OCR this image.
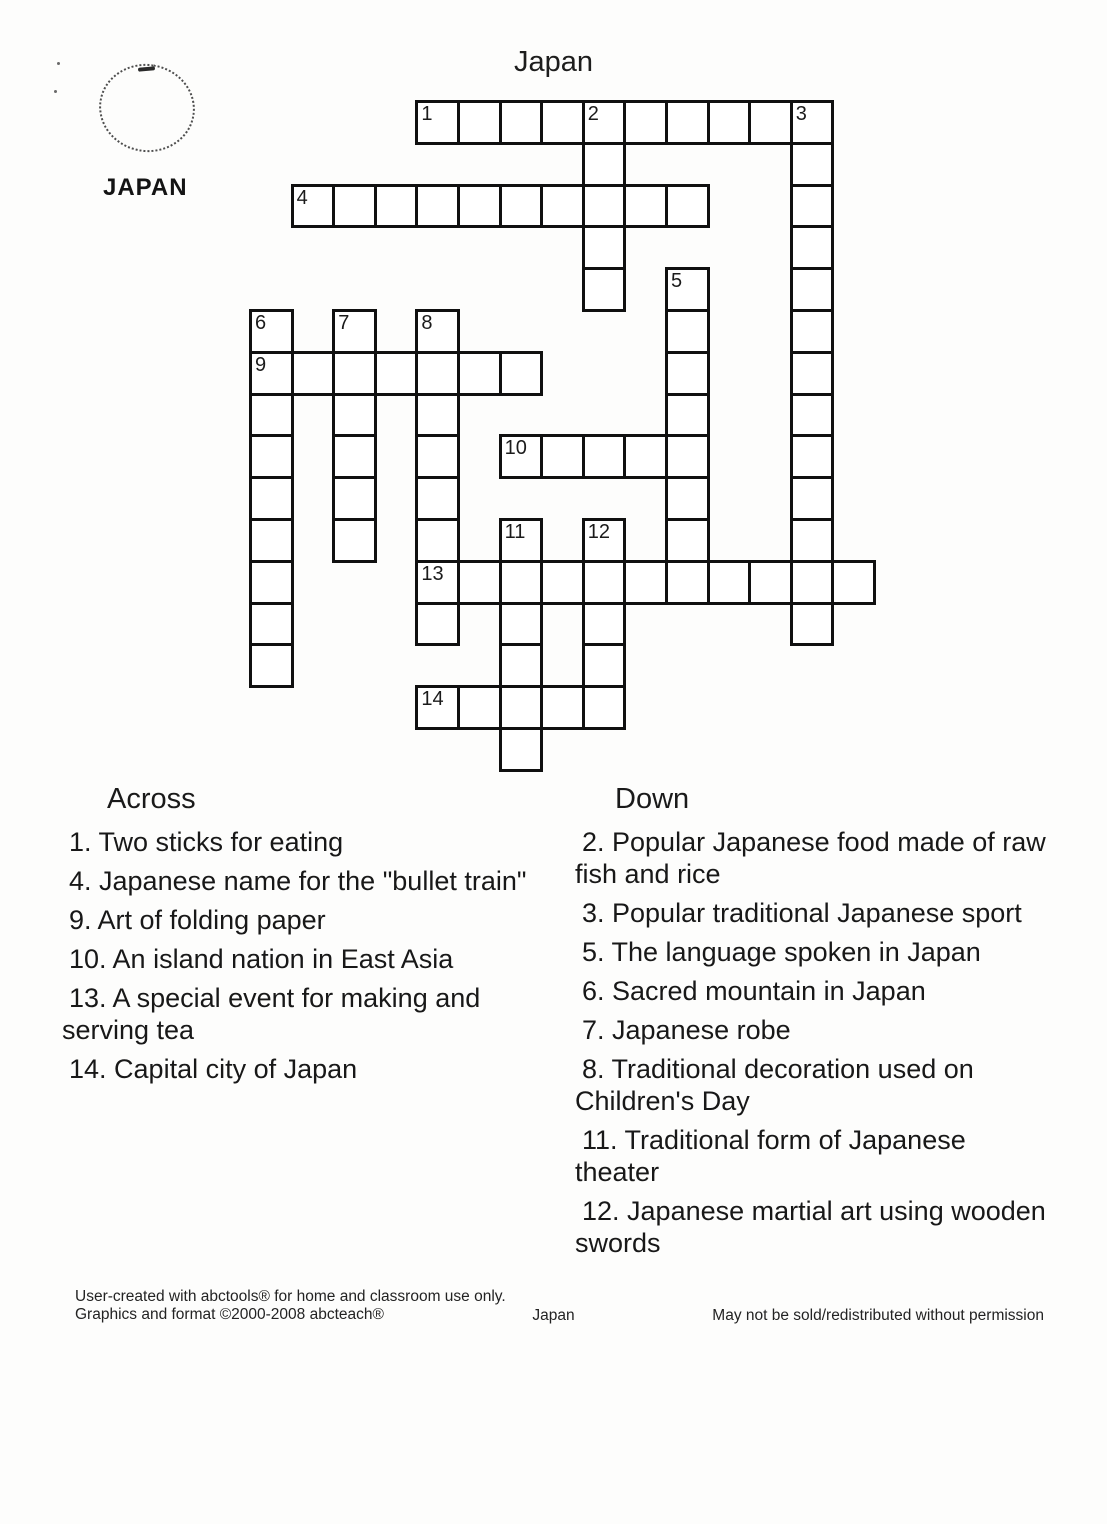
Japan
JAPAN
1	2	3
4
5
6
9
7	8
13
10
11	12
14
Across

1. Two sticks for eating

4. Japanese name for the "bullet train"

9. Art of folding paper

10. An island nation in East Asia

13. A special event for making and serving tea

14. Capital city of Japan

Down

2. Popular Japanese food made of raw fish and rice

3. Popular traditional Japanese sport

5. The language spoken in Japan

6. Sacred mountain in Japan

7. Japanese robe

8. Traditional decoration used on Children's Day

11. Traditional form of Japanese theater

12. Japanese martial art using wooden swords

User-created with abctools® for home and classroom use only.
Graphics and format ©2000-2008 abcteach®	Japan	May not be sold/redistributed without permission
